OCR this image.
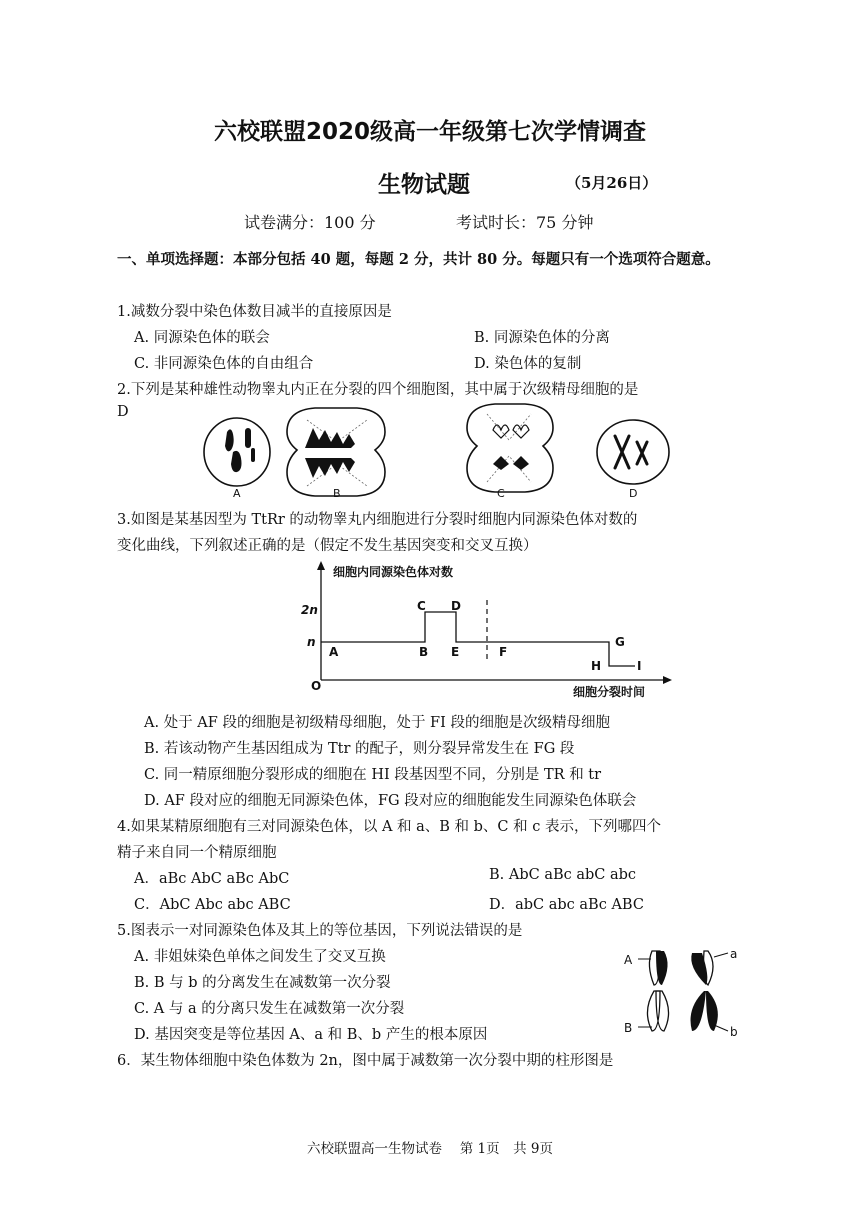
六校联盟2020级高一年级第七次学情调查
生物试题	（5月26日）
试卷满分：100 分	考试时长：75 分钟
一、单项选择题：本部分包括 40 题，每题 2 分，共计 80 分。每题只有一个选项符合题意。
1.减数分裂中染色体数目减半的直接原因是
A. 同源染色体的联会	B. 同源染色体的分离
C. 非同源染色体的自由组合	D. 染色体的复制
2.下列是某种雄性动物睾丸内正在分裂的四个细胞图，其中属于次级精母细胞的是
D
A	B	C	D
3.如图是某基因型为 TtRr 的动物睾丸内细胞进行分裂时细胞内同源染色体对数的
变化曲线，下列叙述正确的是（假定不发生基因突变和交叉互换）
细胞内同源染色体对数
细胞分裂时间
O
2n
n
A	B
C D
E	F
G
H	I
A. 处于 AF 段的细胞是初级精母细胞，处于 FI 段的细胞是次级精母细胞
B. 若该动物产生基因组成为 Ttr 的配子，则分裂异常发生在 FG 段
C. 同一精原细胞分裂形成的细胞在 HI 段基因型不同，分别是 TR 和 tr
D. AF 段对应的细胞无同源染色体，FG 段对应的细胞能发生同源染色体联会
4.如果某精原细胞有三对同源染色体，以 A 和 a、B 和 b、C 和 c 表示，下列哪四个
精子来自同一个精原细胞
A．aBc AbC aBc AbC	B. AbC aBc abC abc
C．AbC Abc abc ABC	D．abC abc aBc ABC
5.图表示一对同源染色体及其上的等位基因，下列说法错误的是
A. 非姐妹染色单体之间发生了交叉互换
B. B 与 b 的分离发生在减数第一次分裂
C. A 与 a 的分离只发生在减数第一次分裂
D. 基因突变是等位基因 A、a 和 B、b 产生的根本原因
A
B
a
b
6．某生物体细胞中染色体数为 2n，图中属于减数第一次分裂中期的柱形图是
六校联盟高一生物试卷　 第 1页　共 9页
